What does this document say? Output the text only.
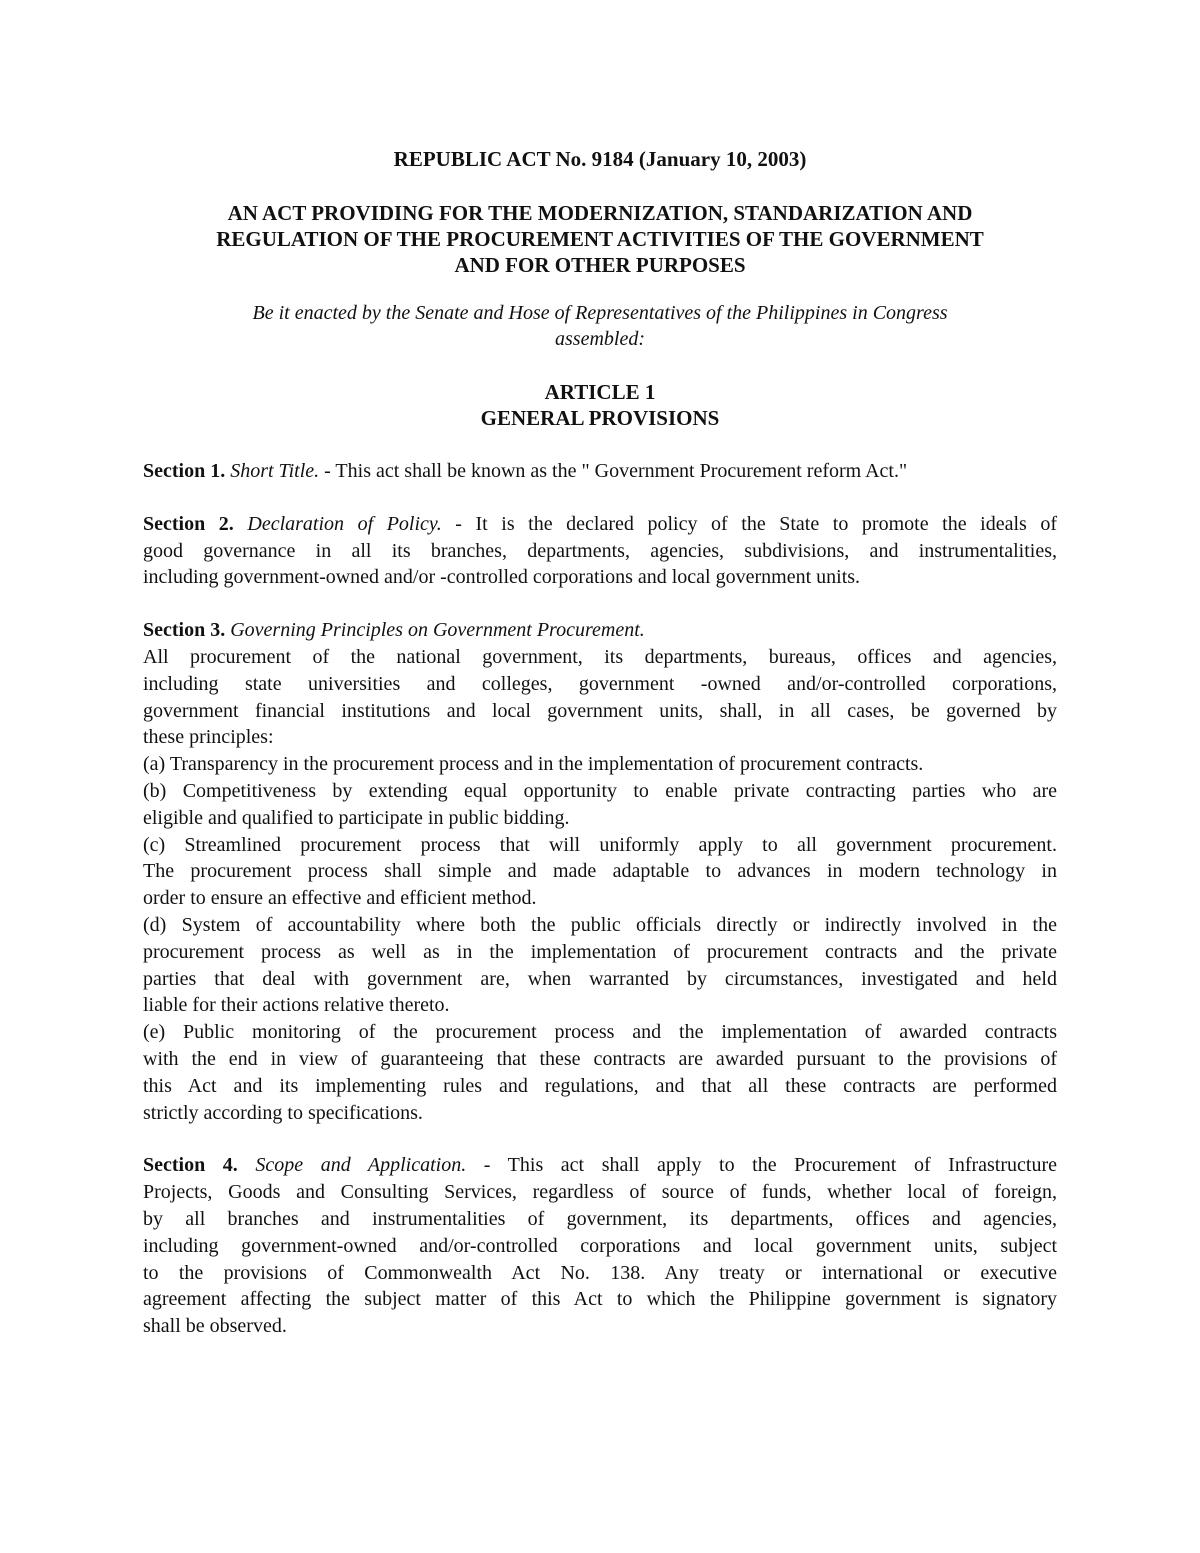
REPUBLIC ACT No. 9184 (January 10, 2003)

AN ACT PROVIDING FOR THE MODERNIZATION, STANDARIZATION AND

REGULATION OF THE PROCUREMENT ACTIVITIES OF THE GOVERNMENT

AND FOR OTHER PURPOSES

Be it enacted by the Senate and Hose of Representatives of the Philippines in Congress
assembled:
ARTICLE 1
GENERAL PROVISIONS
Section 1. Short Title. - This act shall be known as the " Government Procurement reform Act."
Section 2. Declaration of Policy. - It is the declared policy of the State to promote the ideals of
good governance in all its branches, departments, agencies, subdivisions, and instrumentalities,
including government-owned and/or -controlled corporations and local government units.
Section 3. Governing Principles on Government Procurement.
All procurement of the national government, its departments, bureaus, offices and agencies,
including state universities and colleges, government -owned and/or-controlled corporations,
government financial institutions and local government units, shall, in all cases, be governed by
these principles:
(a) Transparency in the procurement process and in the implementation of procurement contracts.
(b) Competitiveness by extending equal opportunity to enable private contracting parties who are
eligible and qualified to participate in public bidding.
(c) Streamlined procurement process that will uniformly apply to all government procurement.
The procurement process shall simple and made adaptable to advances in modern technology in
order to ensure an effective and efficient method.
(d) System of accountability where both the public officials directly or indirectly involved in the
procurement process as well as in the implementation of procurement contracts and the private
parties that deal with government are, when warranted by circumstances, investigated and held
liable for their actions relative thereto.
(e) Public monitoring of the procurement process and the implementation of awarded contracts
with the end in view of guaranteeing that these contracts are awarded pursuant to the provisions of
this Act and its implementing rules and regulations, and that all these contracts are performed
strictly according to specifications.
Section 4. Scope and Application. - This act shall apply to the Procurement of Infrastructure
Projects, Goods and Consulting Services, regardless of source of funds, whether local of foreign,
by all branches and instrumentalities of government, its departments, offices and agencies,
including government-owned and/or-controlled corporations and local government units, subject
to the provisions of Commonwealth Act No. 138. Any treaty or international or executive
agreement affecting the subject matter of this Act to which the Philippine government is signatory
shall be observed.
